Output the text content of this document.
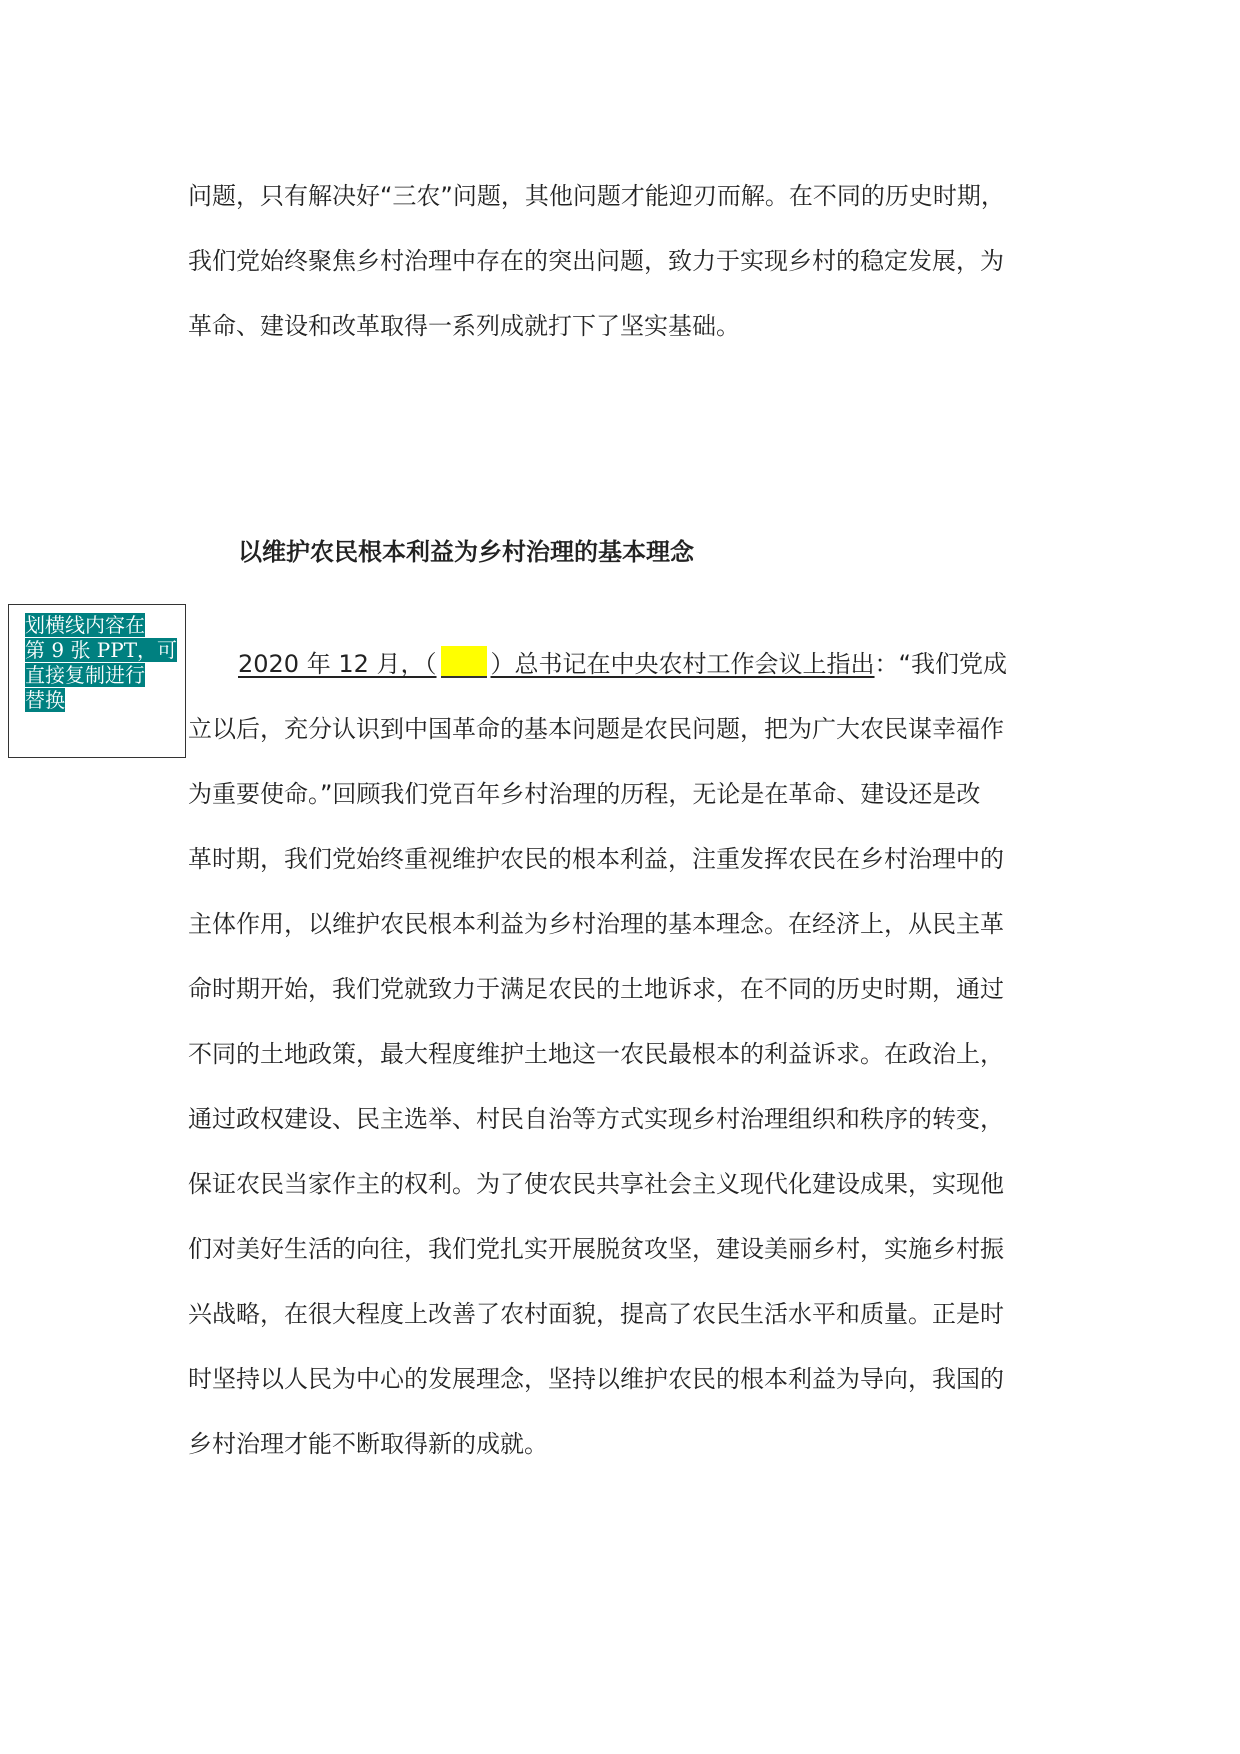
问题，只有解决好“三农”问题，其他问题才能迎刃而解。在不同的历史时期，
我们党始终聚焦乡村治理中存在的突出问题，致力于实现乡村的稳定发展，为
革命、建设和改革取得一系列成就打下了坚实基础。
以维护农民根本利益为乡村治理的基本理念
划横线内容在
第 9 张 PPT，可
直接复制进行
替换
2020 年 12 月，（ ）总书记在中央农村工作会议上指出：“我们党成
立以后，充分认识到中国革命的基本问题是农民问题，把为广大农民谋幸福作
为重要使命。”回顾我们党百年乡村治理的历程，无论是在革命、建设还是改
革时期，我们党始终重视维护农民的根本利益，注重发挥农民在乡村治理中的
主体作用，以维护农民根本利益为乡村治理的基本理念。在经济上，从民主革
命时期开始，我们党就致力于满足农民的土地诉求，在不同的历史时期，通过
不同的土地政策，最大程度维护土地这一农民最根本的利益诉求。在政治上，
通过政权建设、民主选举、村民自治等方式实现乡村治理组织和秩序的转变，
保证农民当家作主的权利。为了使农民共享社会主义现代化建设成果，实现他
们对美好生活的向往，我们党扎实开展脱贫攻坚，建设美丽乡村，实施乡村振
兴战略，在很大程度上改善了农村面貌，提高了农民生活水平和质量。正是时
时坚持以人民为中心的发展理念，坚持以维护农民的根本利益为导向，我国的
乡村治理才能不断取得新的成就。
